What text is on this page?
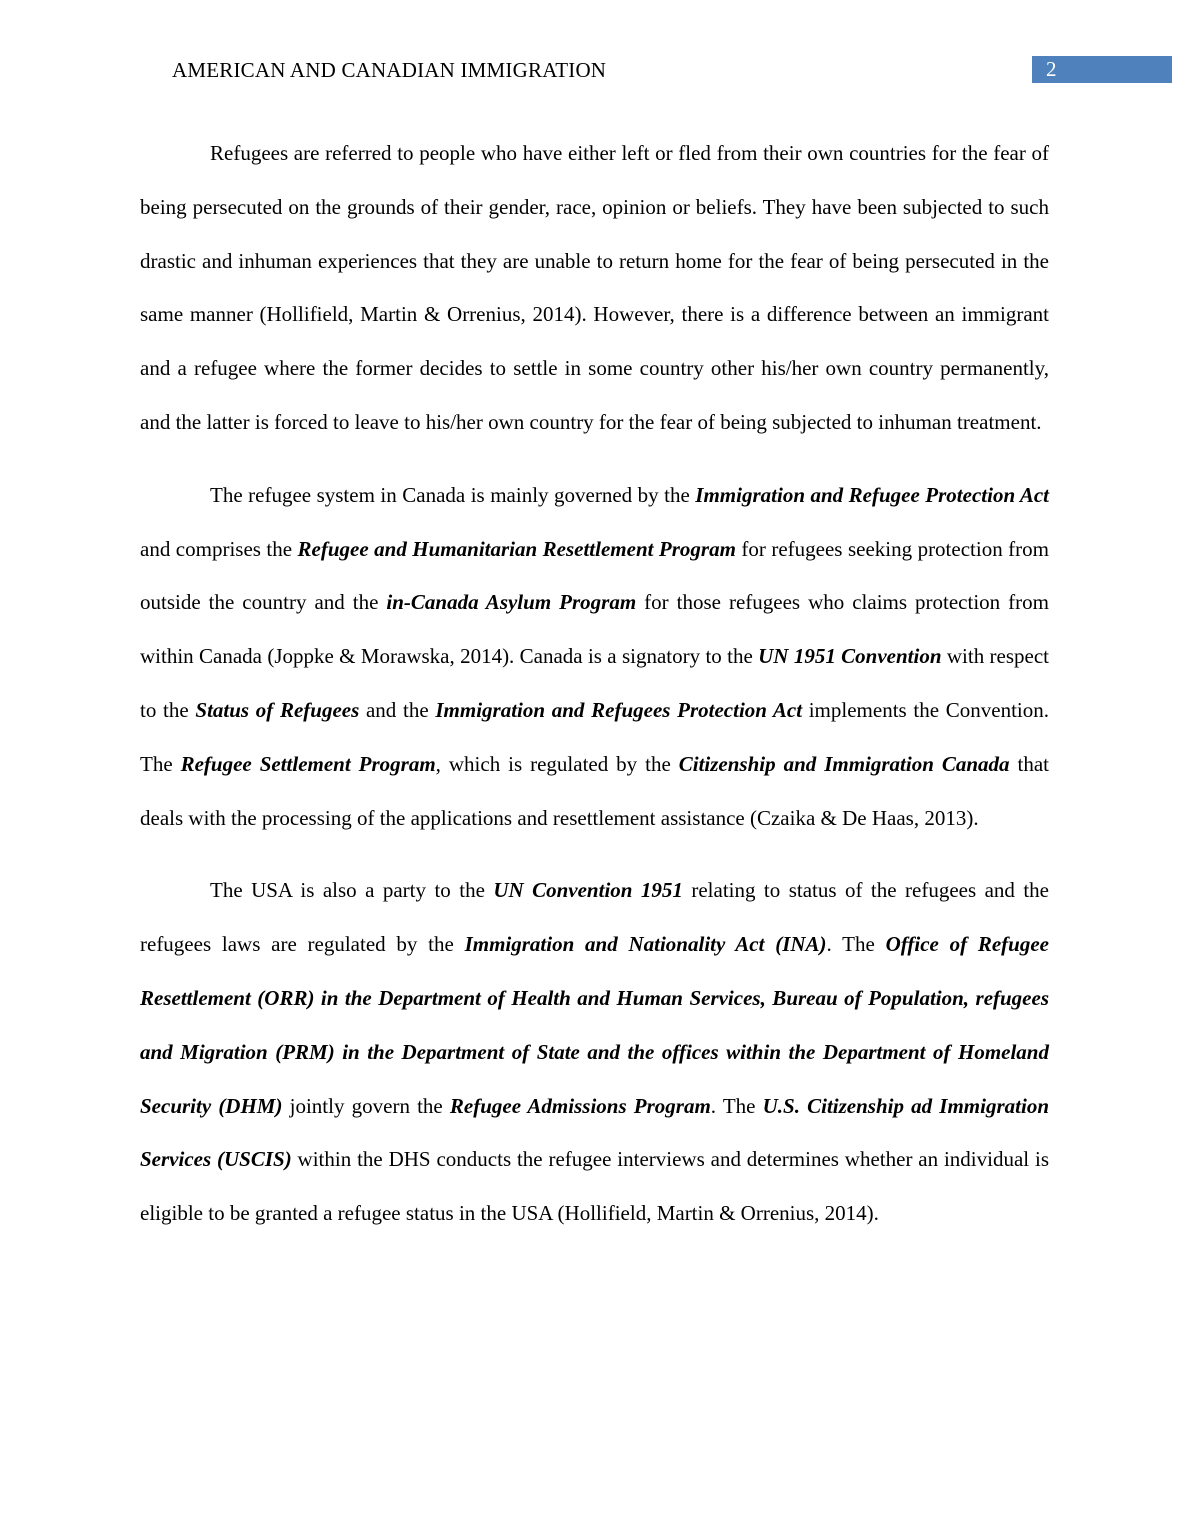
AMERICAN AND CANADIAN IMMIGRATION	2

Refugees are referred to people who have either left or fled from their own countries for the fear of being persecuted on the grounds of their gender, race, opinion or beliefs. They have been subjected to such drastic and inhuman experiences that they are unable to return home for the fear of being persecuted in the same manner (Hollifield, Martin & Orrenius, 2014). However, there is a difference between an immigrant and a refugee where the former decides to settle in some country other his/her own country permanently, and the latter is forced to leave to his/her own country for the fear of being subjected to inhuman treatment.

The refugee system in Canada is mainly governed by the Immigration and Refugee Protection Act and comprises the Refugee and Humanitarian Resettlement Program for refugees seeking protection from outside the country and the in-Canada Asylum Program for those refugees who claims protection from within Canada (Joppke & Morawska, 2014). Canada is a signatory to the UN 1951 Convention with respect to the Status of Refugees and the Immigration and Refugees Protection Act implements the Convention. The Refugee Settlement Program, which is regulated by the Citizenship and Immigration Canada that deals with the processing of the applications and resettlement assistance (Czaika & De Haas, 2013).

The USA is also a party to the UN Convention 1951 relating to status of the refugees and the refugees laws are regulated by the Immigration and Nationality Act (INA). The Office of Refugee Resettlement (ORR) in the Department of Health and Human Services, Bureau of Population, refugees and Migration (PRM) in the Department of State and the offices within the Department of Homeland Security (DHM) jointly govern the Refugee Admissions Program. The U.S. Citizenship ad Immigration Services (USCIS) within the DHS conducts the refugee interviews and determines whether an individual is eligible to be granted a refugee status in the USA (Hollifield, Martin & Orrenius, 2014).
